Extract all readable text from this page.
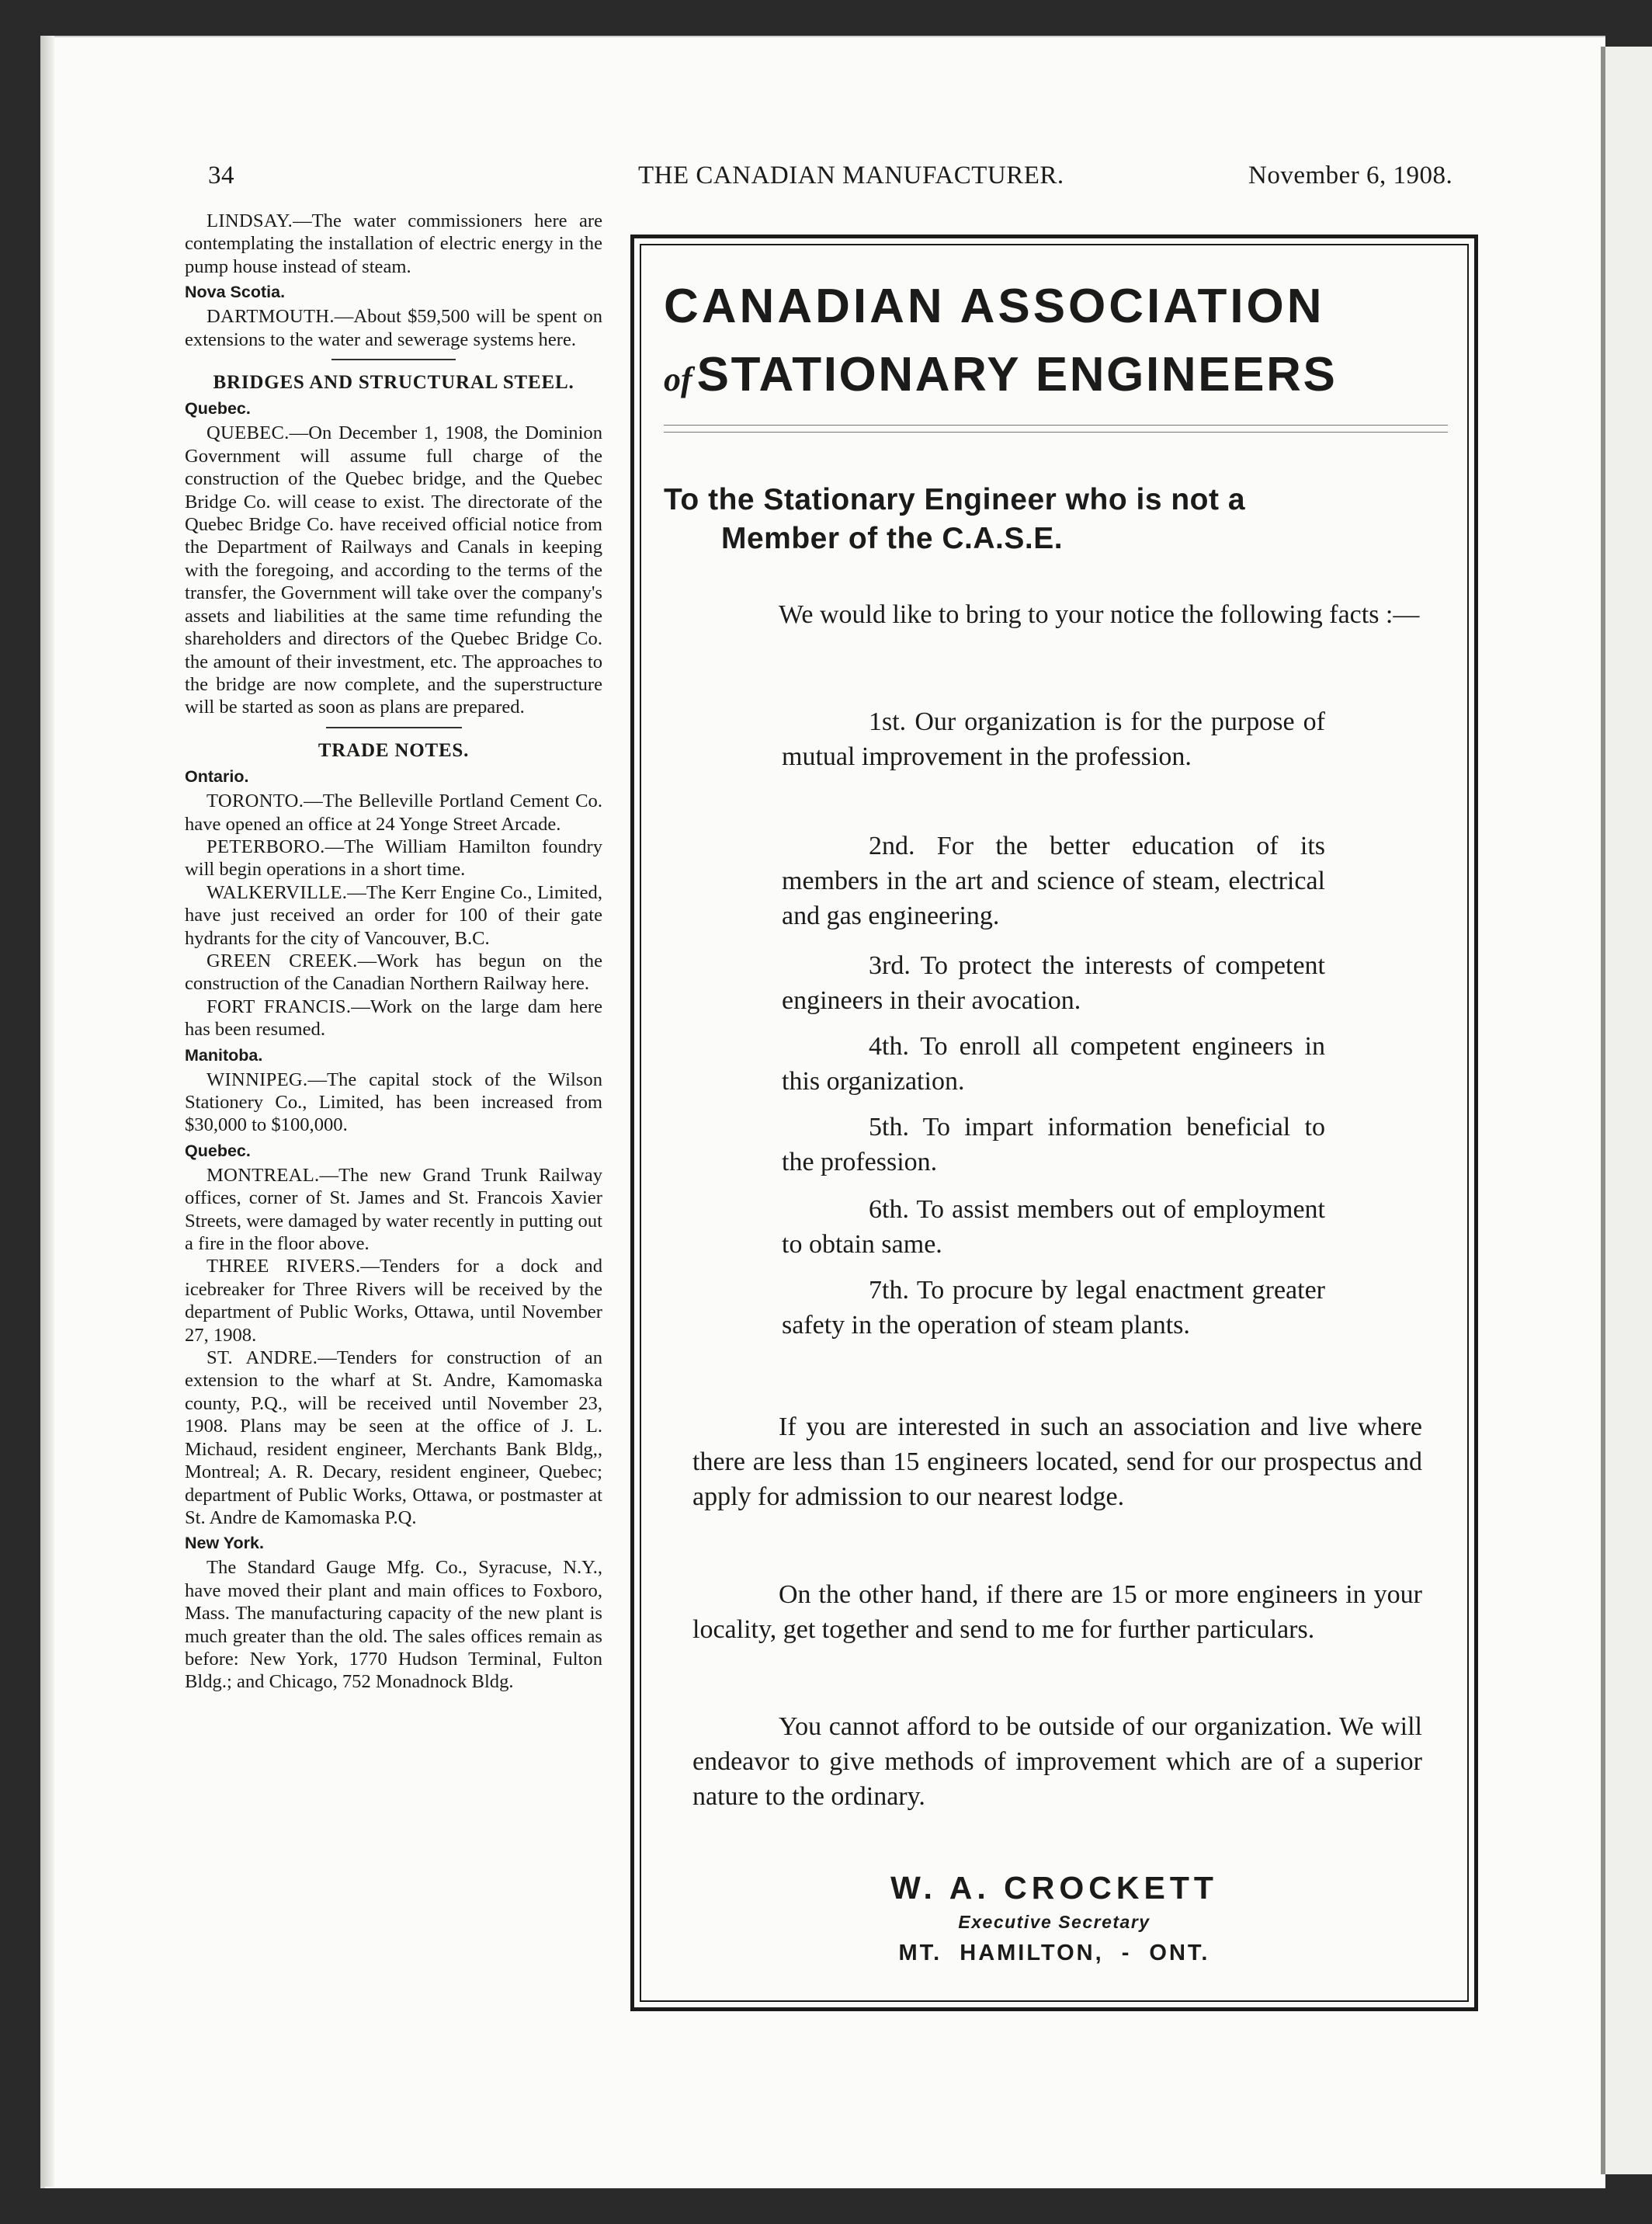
34	THE CANADIAN MANUFACTURER.	November 6, 1908.

LINDSAY.—The water commissioners here are contemplating the installation of electric energy in the pump house instead of steam.

Nova Scotia.

DARTMOUTH.—About $59,500 will be spent on extensions to the water and sewerage systems here.

BRIDGES AND STRUCTURAL STEEL.
Quebec.

QUEBEC.—On December 1, 1908, the Dominion Government will assume full charge of the construction of the Quebec bridge, and the Quebec Bridge Co. will cease to exist. The directorate of the Quebec Bridge Co. have received official notice from the Department of Railways and Canals in keeping with the foregoing, and according to the terms of the transfer, the Government will take over the company's assets and liabilities at the same time refunding the shareholders and directors of the Quebec Bridge Co. the amount of their investment, etc. The approaches to the bridge are now complete, and the superstructure will be started as soon as plans are prepared.

TRADE NOTES.
Ontario.

TORONTO.—The Belleville Portland Cement Co. have opened an office at 24 Yonge Street Arcade.

PETERBORO.—The William Hamilton foundry will begin operations in a short time.

WALKERVILLE.—The Kerr Engine Co., Limited, have just received an order for 100 of their gate hydrants for the city of Vancouver, B.C.

GREEN CREEK.—Work has begun on the construction of the Canadian Northern Railway here.

FORT FRANCIS.—Work on the large dam here has been resumed.

Manitoba.

WINNIPEG.—The capital stock of the Wilson Stationery Co., Limited, has been increased from $30,000 to $100,000.

Quebec.

MONTREAL.—The new Grand Trunk Railway offices, corner of St. James and St. Francois Xavier Streets, were damaged by water recently in putting out a fire in the floor above.

THREE RIVERS.—Tenders for a dock and icebreaker for Three Rivers will be received by the department of Public Works, Ottawa, until November 27, 1908.

ST. ANDRE.—Tenders for construction of an extension to the wharf at St. Andre, Kamomaska county, P.Q., will be received until November 23, 1908. Plans may be seen at the office of J. L. Michaud, resident engineer, Merchants Bank Bldg,, Montreal; A. R. Decary, resident engineer, Quebec; department of Public Works, Ottawa, or postmaster at St. Andre de Kamomaska P.Q.

New York.

The Standard Gauge Mfg. Co., Syracuse, N.Y., have moved their plant and main offices to Foxboro, Mass. The manufacturing capacity of the new plant is much greater than the old. The sales offices remain as before: New York, 1770 Hudson Terminal, Fulton Bldg.; and Chicago, 752 Monadnock Bldg.

CANADIAN ASSOCIATION
ofSTATIONARY ENGINEERS
To the Stationary Engineer who is not a
Member of the C.A.S.E.

We would like to bring to your notice the following facts :—

1st. Our organization is for the purpose of mutual improvement in the profession.

2nd. For the better education of its members in the art and science of steam, electrical and gas engineering.

3rd. To protect the interests of competent engineers in their avocation.

4th. To enroll all competent engineers in this organization.

5th. To impart information beneficial to the profession.

6th. To assist members out of employment to obtain same.

7th. To procure by legal enactment greater safety in the operation of steam plants.

If you are interested in such an association and live where there are less than 15 engineers located, send for our prospectus and apply for admission to our nearest lodge.

On the other hand, if there are 15 or more engineers in your locality, get together and send to me for further particulars.

You cannot afford to be outside of our organization. We will endeavor to give methods of improvement which are of a superior nature to the ordinary.

W. A. CROCKETT
Executive Secretary
MT. HAMILTON, - ONT.
